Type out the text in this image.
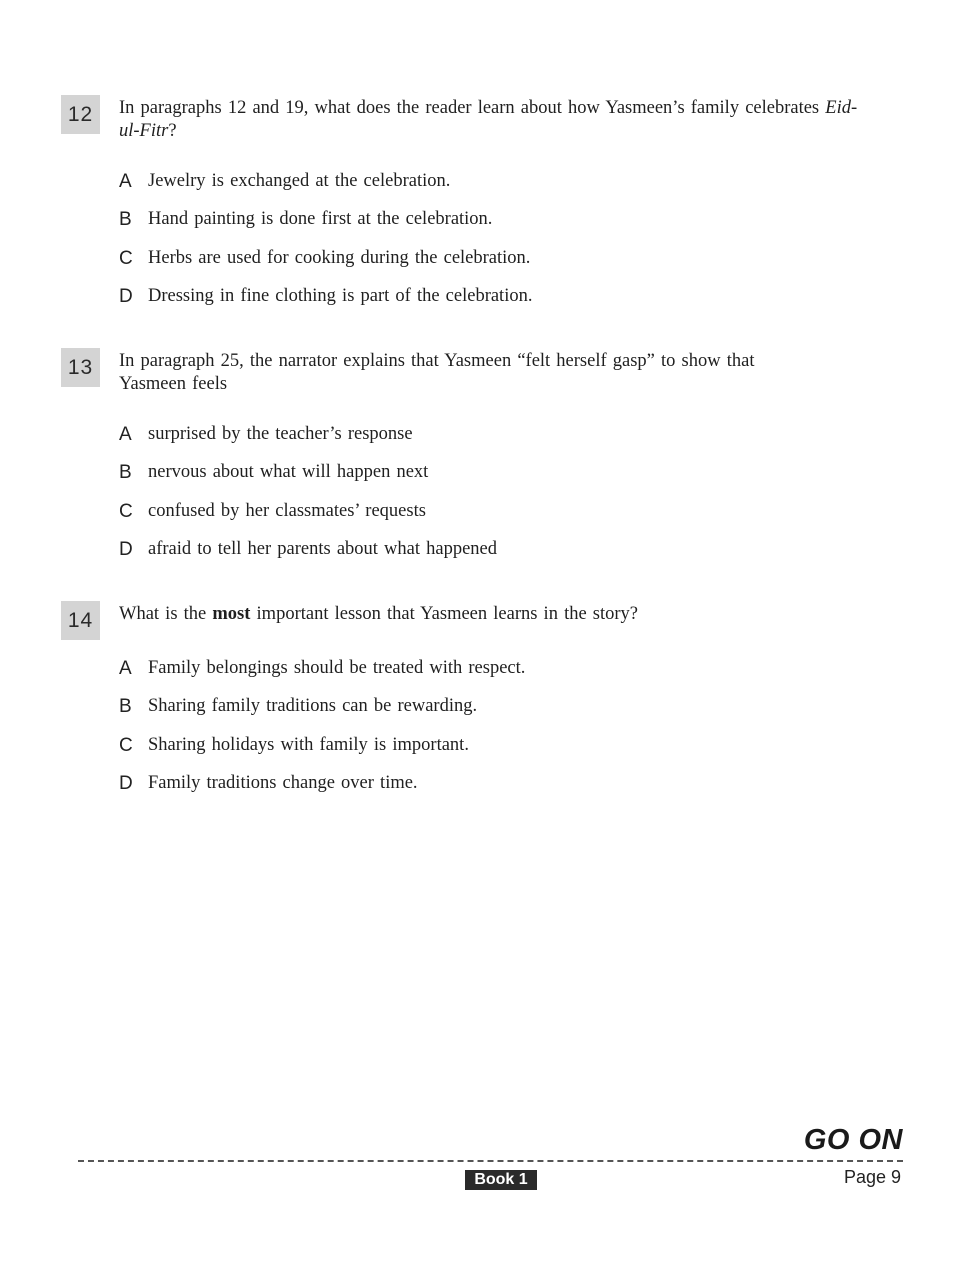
12	In paragraphs 12 and 19, what does the reader learn about how Yasmeen’s family celebrates Eid-ul-Fitr?

A Jewelry is exchanged at the celebration.
B Hand painting is done first at the celebration.
C Herbs are used for cooking during the celebration.
D Dressing in fine clothing is part of the celebration.
13	In paragraph 25, the narrator explains that Yasmeen “felt herself gasp” to show that Yasmeen feels

A surprised by the teacher’s response
B nervous about what will happen next
C confused by her classmates’ requests
D afraid to tell her parents about what happened
14	What is the most important lesson that Yasmeen learns in the story?

A Family belongings should be treated with respect.
B Sharing family traditions can be rewarding.
C Sharing holidays with family is important.
D Family traditions change over time.
GO ON
Book 1	Page 9
